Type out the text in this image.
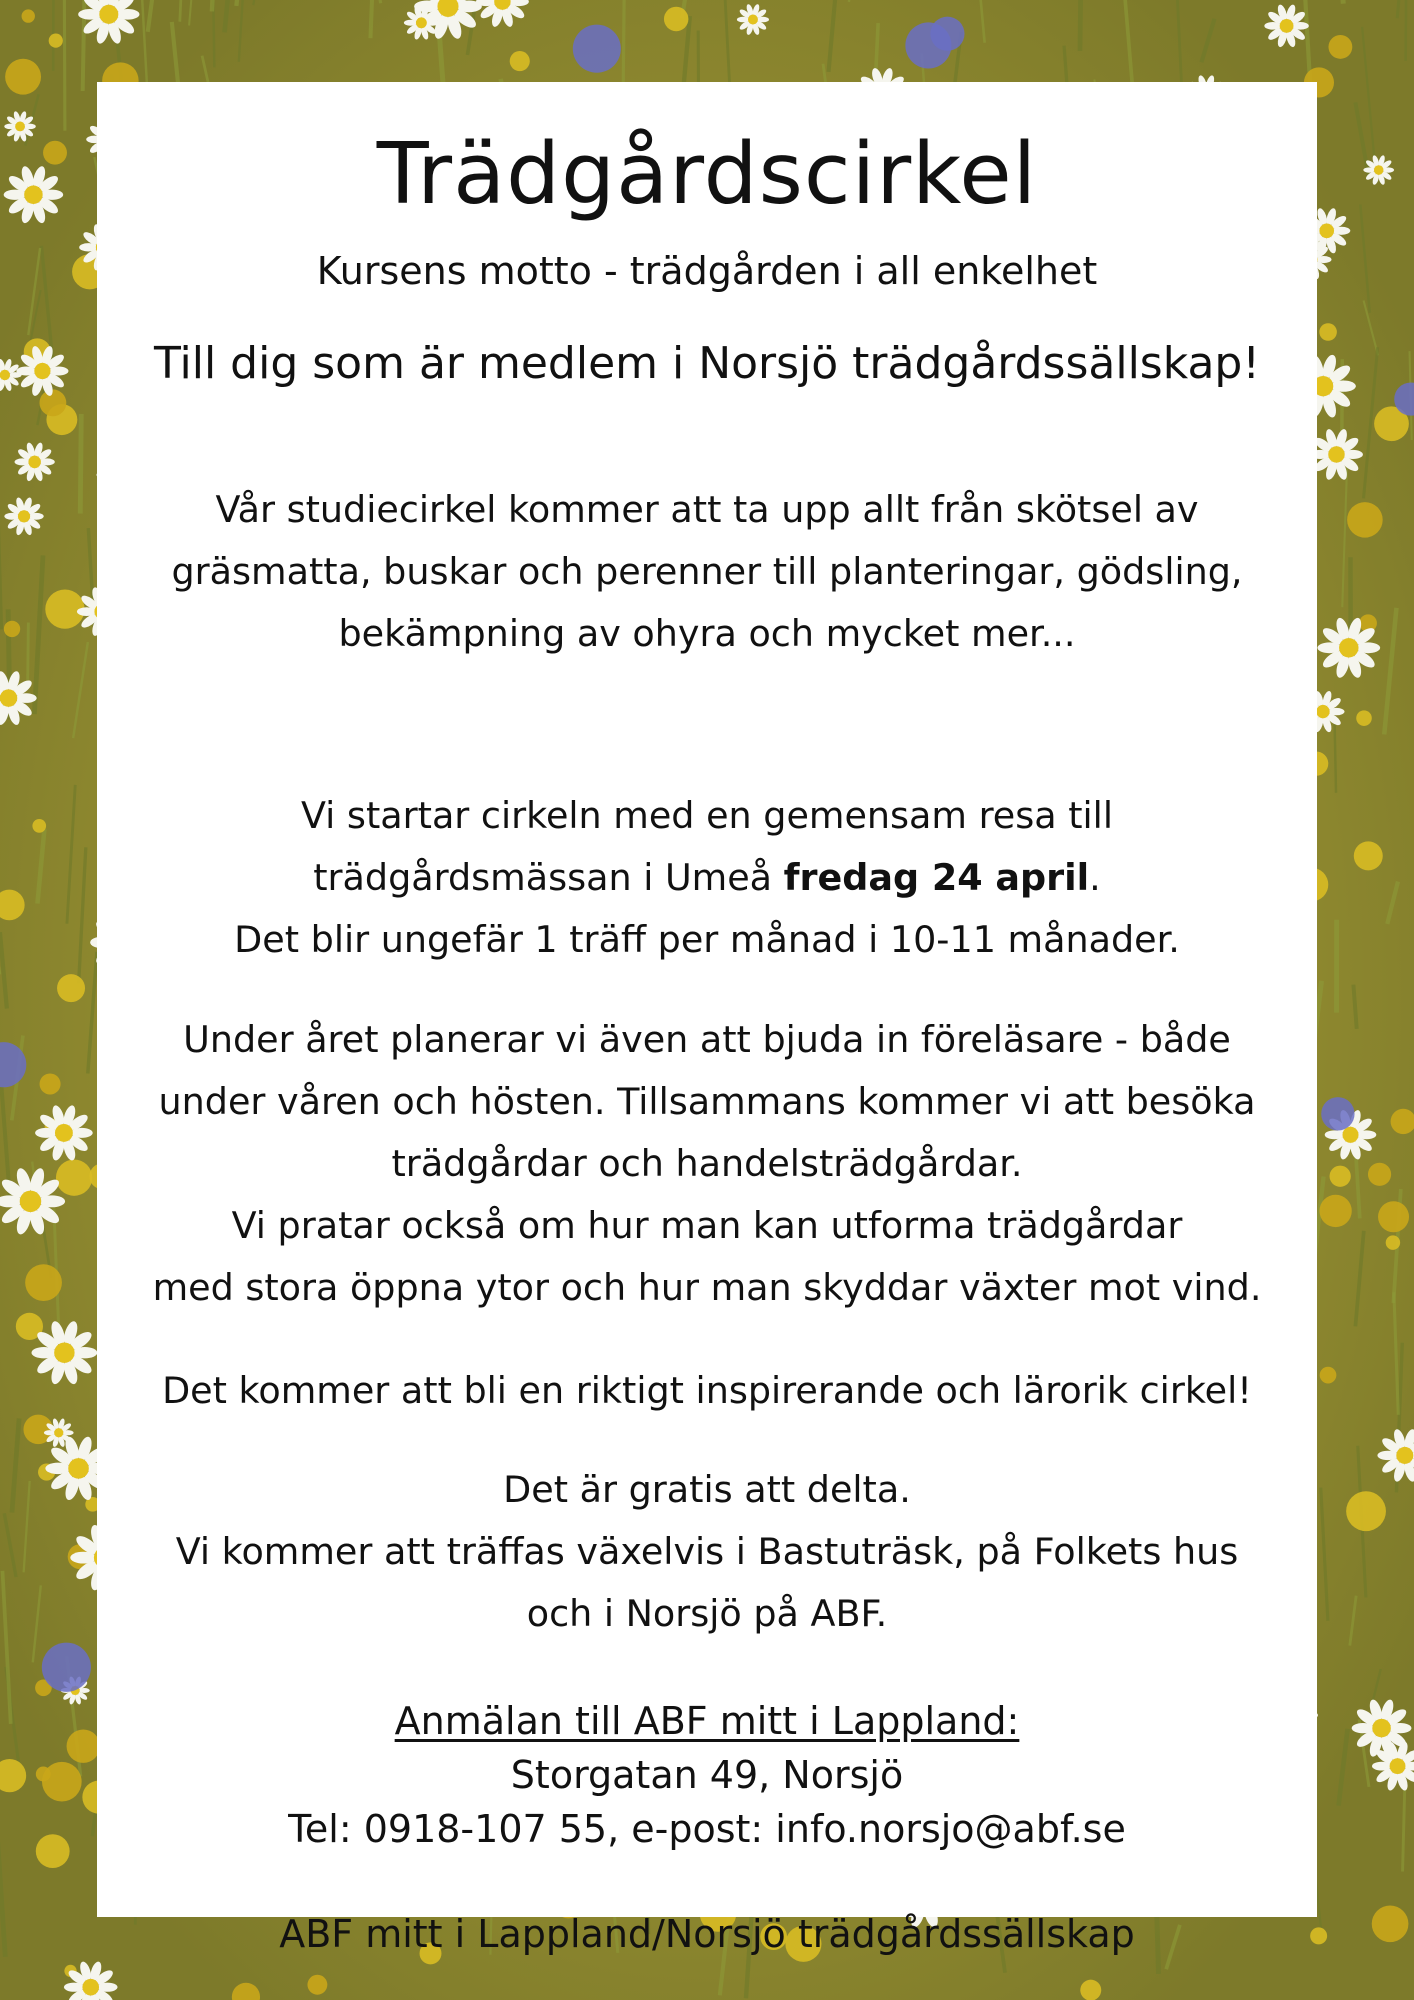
Trädgårdscirkel

Kursens motto - trädgården i all enkelhet

Till dig som är medlem i Norsjö trädgårdssällskap!

Vår studiecirkel kommer att ta upp allt från skötsel av
gräsmatta, buskar och perenner till planteringar, gödsling,
bekämpning av ohyra och mycket mer...

Vi startar cirkeln med en gemensam resa till
trädgårdsmässan i Umeå fredag 24 april.
Det blir ungefär 1 träff per månad i 10-11 månader.

Under året planerar vi även att bjuda in föreläsare - både
under våren och hösten. Tillsammans kommer vi att besöka
trädgårdar och handelsträdgårdar.
Vi pratar också om hur man kan utforma trädgårdar
med stora öppna ytor och hur man skyddar växter mot vind.

Det kommer att bli en riktigt inspirerande och lärorik cirkel!

Det är gratis att delta.
Vi kommer att träffas växelvis i Bastuträsk, på Folkets hus
och i Norsjö på ABF.

Anmälan till ABF mitt i Lappland:
Storgatan 49, Norsjö
Tel: 0918-107 55, e-post: info.norsjo@abf.se

ABF mitt i Lappland/Norsjö trädgårdssällskap
